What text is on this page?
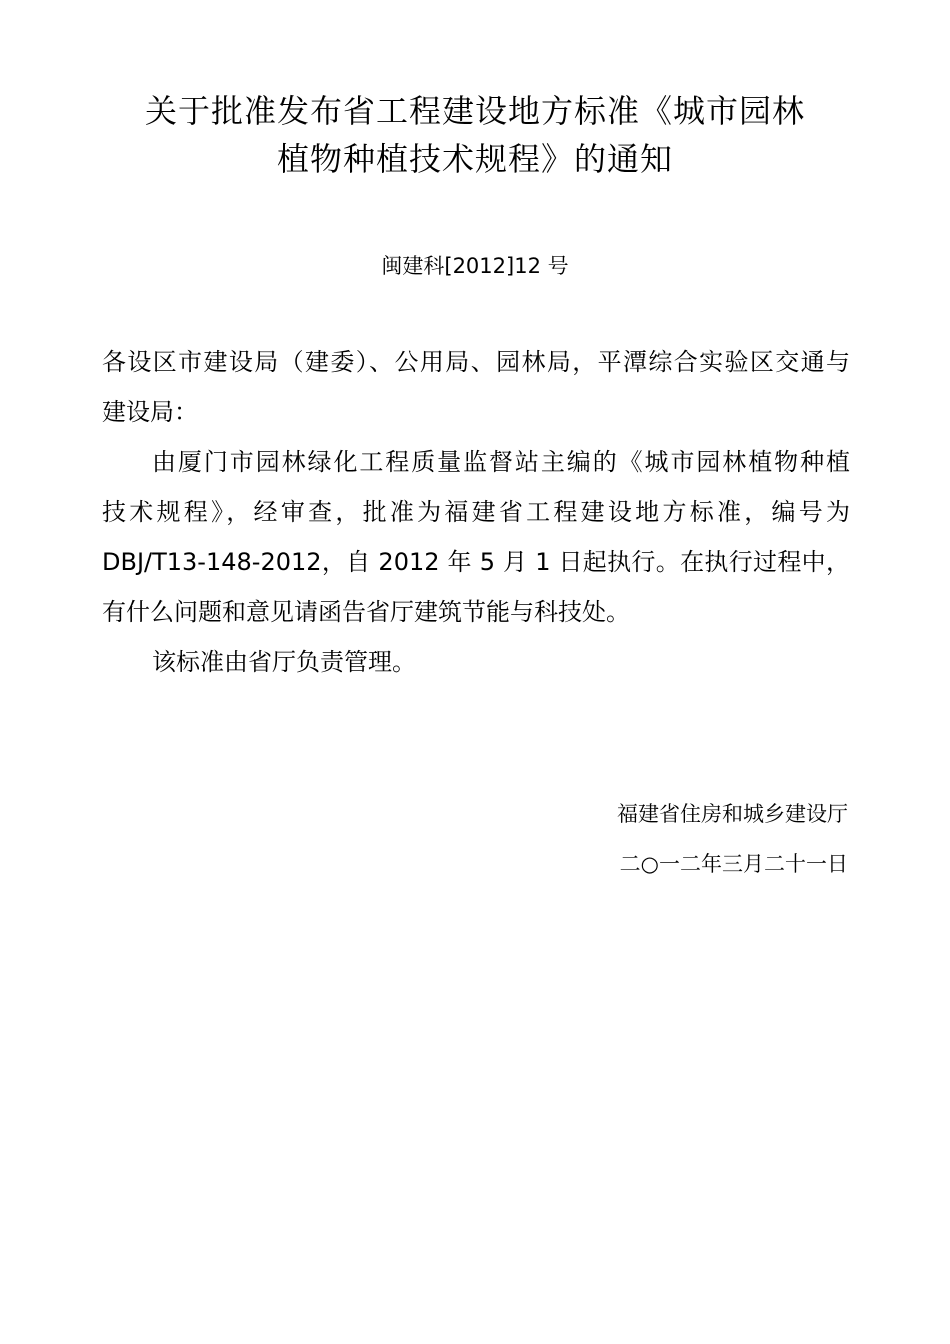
关于批准发布省工程建设地方标准《城市园林
植物种植技术规程》的通知
闽建科[2012]12 号
各设区市建设局（建委）、公用局、园林局，平潭综合实验区交通与
建设局：
由厦门市园林绿化工程质量监督站主编的《城市园林植物种植
技术规程》，经审查，批准为福建省工程建设地方标准，编号为
DBJ/T13-148-2012，自 2012 年 5 月 1 日起执行。在执行过程中，
有什么问题和意见请函告省厅建筑节能与科技处。
该标准由省厅负责管理。
福建省住房和城乡建设厅
二○一二年三月二十一日
